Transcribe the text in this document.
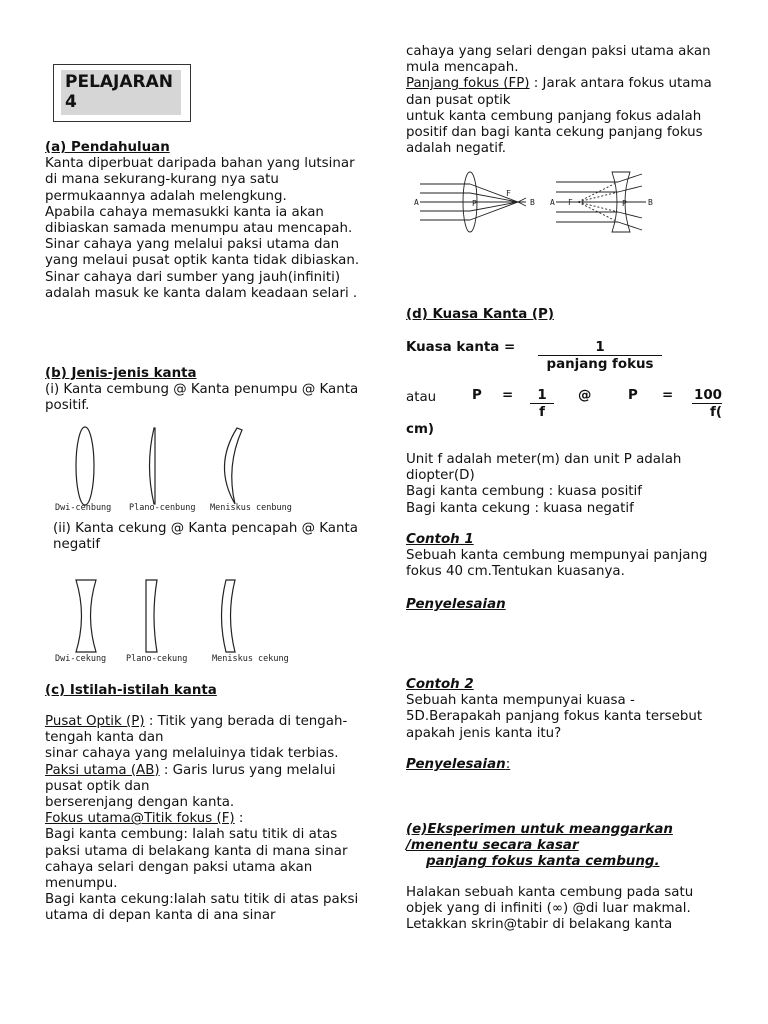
PELAJARAN
4

(a) Pendahuluan

Kanta diperbuat daripada bahan yang lutsinar di mana sekurang-kurang nya satu permukaannya adalah melengkung.

Apabila cahaya memasukki kanta ia akan dibiaskan samada menumpu atau mencapah.

Sinar cahaya yang melalui paksi utama dan yang melaui pusat optik kanta tidak dibiaskan.

Sinar cahaya dari sumber yang jauh(infiniti) adalah masuk ke kanta dalam keadaan selari .

(b) Jenis-jenis kanta

(i) Kanta cembung @ Kanta penumpu @ Kanta positif.

Dwi-cenbung Plano-cenbung Meniskus cenbung

(ii) Kanta cekung @ Kanta pencapah @ Kanta negatif

Dwi-cekung Plano-cekung	Meniskus cekung

(c) Istilah-istilah kanta

Pusat Optik (P) : Titik yang berada di tengah-tengah kanta dan

sinar cahaya yang melaluinya tidak terbias.

Paksi utama (AB) : Garis lurus yang melalui pusat optik dan

berserenjang dengan kanta.

Fokus utama@Titik fokus (F) :

Bagi kanta cembung: Ialah satu titik di atas paksi utama di belakang kanta di mana sinar cahaya selari dengan paksi utama akan menumpu.

Bagi kanta cekung:Ialah satu titik di atas paksi utama di depan kanta di ana sinar

cahaya yang selari dengan paksi utama akan mula mencapah.

Panjang fokus (FP) : Jarak antara fokus utama dan pusat optik

untuk kanta cembung panjang fokus adalah positif dan bagi kanta cekung panjang fokus adalah negatif.

A	P
F
B A F	P	B

(d) Kuasa Kanta (P)

Kuasa kanta =	1
panjang fokus
atau	P =	1
f
@	P = 100
f(
cm)

Unit f adalah meter(m) dan unit P adalah diopter(D)

Bagi kanta cembung : kuasa positif

Bagi kanta cekung : kuasa negatif

Contoh 1

Sebuah kanta cembung mempunyai panjang fokus 40 cm.Tentukan kuasanya.

Penyelesaian

Contoh 2

Sebuah kanta mempunyai kuasa - 5D.Berapakah panjang fokus kanta tersebut apakah jenis kanta itu?

Penyelesaian:

(e)Eksperimen untuk meanggarkan /menentu secara kasar

panjang fokus kanta cembung.

Halakan sebuah kanta cembung pada satu objek yang di infiniti (∞) @di luar makmal.

Letakkan skrin@tabir di belakang kanta
